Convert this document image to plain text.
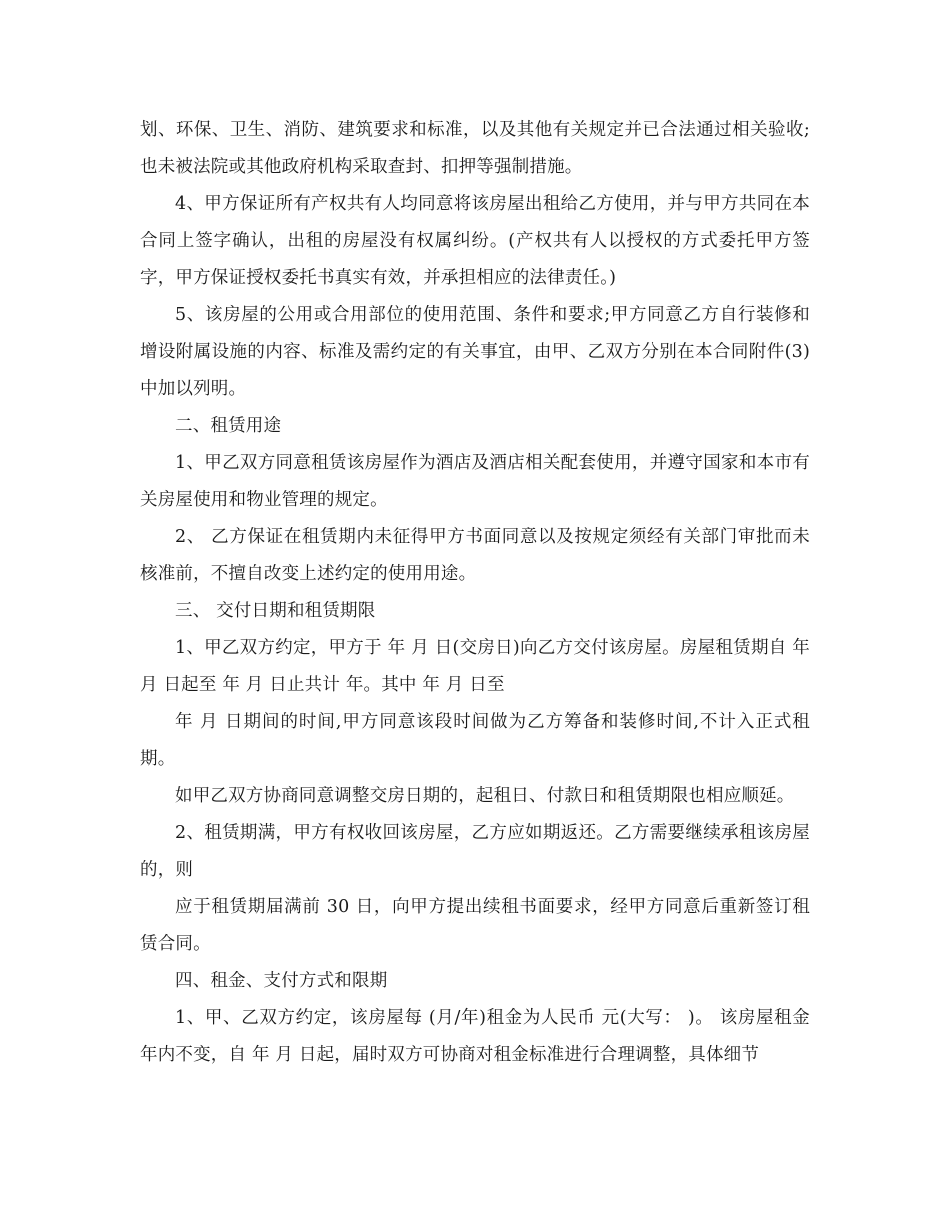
划、环保、卫生、消防、建筑要求和标准，以及其他有关规定并已合法通过相关验收;也未被法院或其他政府机构采取查封、扣押等强制措施。

4、甲方保证所有产权共有人均同意将该房屋出租给乙方使用，并与甲方共同在本合同上签字确认，出租的房屋没有权属纠纷。(产权共有人以授权的方式委托甲方签字，甲方保证授权委托书真实有效，并承担相应的法律责任。)

5、该房屋的公用或合用部位的使用范围、条件和要求;甲方同意乙方自行装修和增设附属设施的内容、标准及需约定的有关事宜，由甲、乙双方分别在本合同附件(3)中加以列明。

二、租赁用途

1、甲乙双方同意租赁该房屋作为酒店及酒店相关配套使用，并遵守国家和本市有关房屋使用和物业管理的规定。

2、 乙方保证在租赁期内未征得甲方书面同意以及按规定须经有关部门审批而未核准前，不擅自改变上述约定的使用用途。

三、 交付日期和租赁期限

1、甲乙双方约定，甲方于 年 月 日(交房日)向乙方交付该房屋。房屋租赁期自 年 月 日起至 年 月 日止共计 年。其中 年 月 日至

年 月 日期间的时间,甲方同意该段时间做为乙方筹备和装修时间,不计入正式租期。

如甲乙双方协商同意调整交房日期的，起租日、付款日和租赁期限也相应顺延。

2、租赁期满，甲方有权收回该房屋，乙方应如期返还。乙方需要继续承租该房屋的，则

应于租赁期届满前 30 日，向甲方提出续租书面要求，经甲方同意后重新签订租赁合同。

四、租金、支付方式和限期

1、甲、乙双方约定，该房屋每 (月/年)租金为人民币 元(大写： )。 该房屋租金 年内不变，自 年 月 日起，届时双方可协商对租金标准进行合理调整，具体细节
